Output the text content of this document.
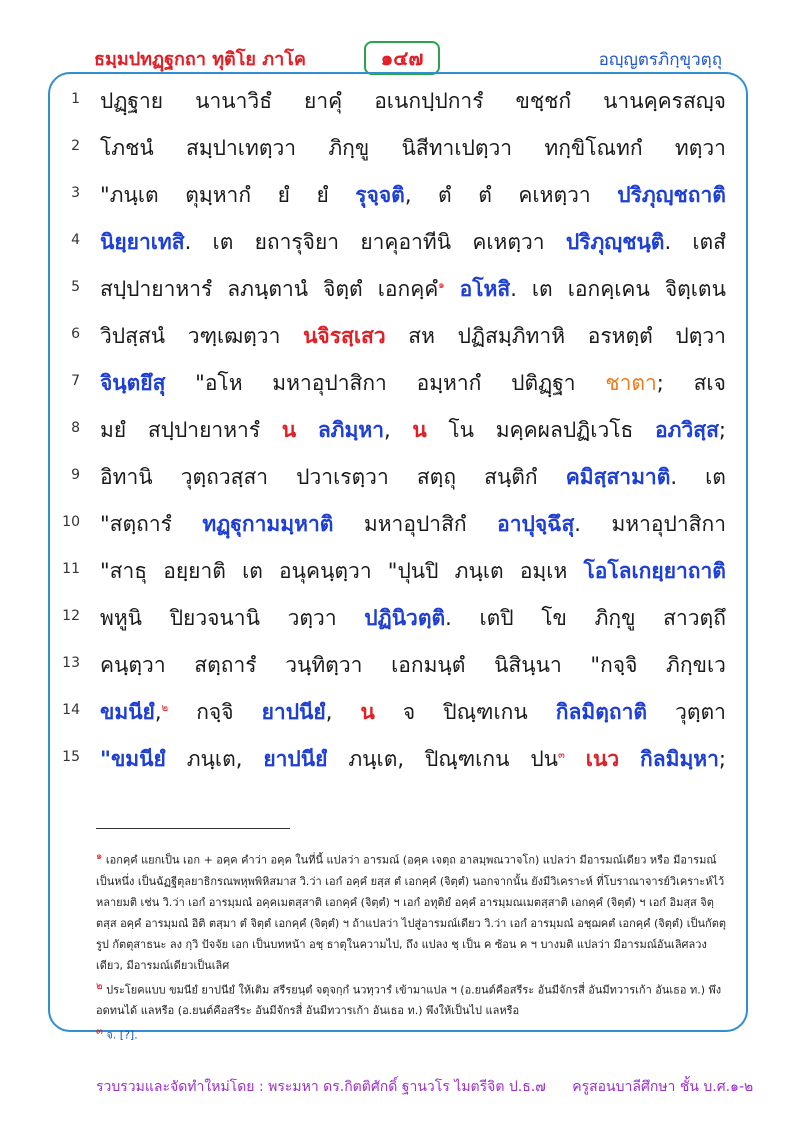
ธมฺมปทฏฺฐกถา ทุติโย ภาโค	๑๔๗	อญฺญตรภิกฺขุวตฺถุ
1 ปฏฺฐาย นานาวิธํ ยาคุํ อเนกปฺปการํ ขชฺชกํ นานคฺครสญฺจ
2 โภชนํ สมฺปาเทตฺวา ภิกฺขู นิสีทาเปตฺวา ทกฺขิโณทกํ ทตฺวา
3 "ภนฺเต ตุมฺหากํ ยํ ยํ รุจฺจติ, ตํ ตํ คเหตฺวา ปริภุญฺชถาติ
4 นิยฺยาเทสิ. เต ยถารุจิยา ยาคุอาทีนิ คเหตฺวา ปริภุญฺชนฺติ. เตสํ
5 สปฺปายาหารํ ลภนฺตานํ จิตฺตํ เอกคฺคํ๑ อโหสิ. เต เอกคฺเคน จิตฺเตน
6 วิปสฺสนํ วฑฺเฒตฺวา นจิรสฺเสว สห ปฏิสมฺภิทาหิ อรหตฺตํ ปตฺวา
7 จินฺตยึสุ "อโห มหาอุปาสิกา อมฺหากํ ปติฏฺฐา ชาตา; สเจ
8 มยํ สปฺปายาหารํ น ลภิมฺหา, น โน มคฺคผลปฏิเวโธ อภวิสฺส;
9 อิทานิ วุตฺถวสฺสา ปวาเรตฺวา สตฺถุ สนฺติกํ คมิสฺสามาติ. เต
10 "สตฺถารํ ทฏฺฐุกามมฺหาติ มหาอุปาสิกํ อาปุจฺฉึสุ. มหาอุปาสิกา
11 "สาธุ อยฺยาติ เต อนุคนฺตฺวา "ปุนปิ ภนฺเต อมฺเห โอโลเกยฺยาถาติ
12 พหูนิ ปิยวจนานิ วตฺวา ปฏินิวตฺติ. เตปิ โข ภิกฺขู สาวตฺถึ
13 คนฺตฺวา สตฺถารํ วนฺทิตฺวา เอกมนฺตํ นิสินฺนา "กจฺจิ ภิกฺขเว
14 ขมนียํ,๒ กจฺจิ ยาปนียํ, น จ ปิณฺฑเกน กิลมิตฺถาติ วุตฺตา
15 "ขมนียํ ภนฺเต, ยาปนียํ ภนฺเต, ปิณฺฑเกน ปน๓ เนว กิลมิมฺหา;
๑ เอกคฺคํ แยกเป็น เอก + อคฺค คำว่า อคฺค ในที่นี้ แปลว่า อารมณ์ (อคฺค เจตฺถ อาลมฺพณวาจโก) แปลว่า มีอารมณ์เดียว หรือ มีอารมณ์เป็นหนึ่ง เป็นฉัฏฐีตุลยาธิกรณพหุพพิหิสมาส วิ.ว่า เอกํ อคฺคํ ยสฺส ตํ เอกคฺคํ (จิตฺตํ) นอกจากนั้น ยังมีวิเคราะห์ ที่โบราณาจารย์วิเคราะห์ไว้หลายมติ เช่น วิ.ว่า เอกํ อารมฺมณํ อคฺคเมตสฺสาติ เอกคฺคํ (จิตฺตํ) ฯ เอกํ อทุติยํ อคฺคํ อารมฺมณเมตสฺสาติ เอกคฺคํ (จิตฺตํ) ฯ เอกํ อิมสฺส จิตฺตสฺส อคฺคํ อารมฺมณํ อิติ ตสฺมา ตํ จิตฺตํ เอกคฺคํ (จิตฺตํ) ฯ ถ้าแปลว่า ไปสู่อารมณ์เดียว วิ.ว่า เอกํ อารมฺมณํ อชฺฌคตํ เอกคฺคํ (จิตฺตํ) เป็นกัตตุรูป กัตตุสาธนะ ลง กฺวิ ปัจจัย เอก เป็นบทหน้า อชฺ ธาตุในความไป, ถึง แปลง ชฺ เป็น ค ซ้อน ค ฯ บางมติ แปลว่า มีอารมณ์อันเลิศลวงเดียว, มีอารมณ์เดียวเป็นเลิศ
๒ ประโยคแบบ ขมนียํ ยาปนียํ ให้เติม สรีรยนฺตํ จตุจกฺกํ นวทฺวารํ เข้ามาแปล ฯ (อ.ยนต์คือสรีระ อันมีจักรสี่ อันมีทวารเก้า อันเธอ ท.) พึงอดทนได้ แลหรือ (อ.ยนต์คือสรีระ อันมีจักรสี่ อันมีทวารเก้า อันเธอ ท.) พึงให้เป็นไป แลหรือ
๓ จ. [?].
รวบรวมและจัดทำใหม่โดย : พระมหา ดร.กิตติศักดิ์ ฐานวโร ไมตรีจิต ป.ธ.๗ ครูสอนบาลีศึกษา ชั้น บ.ศ.๑-๒
